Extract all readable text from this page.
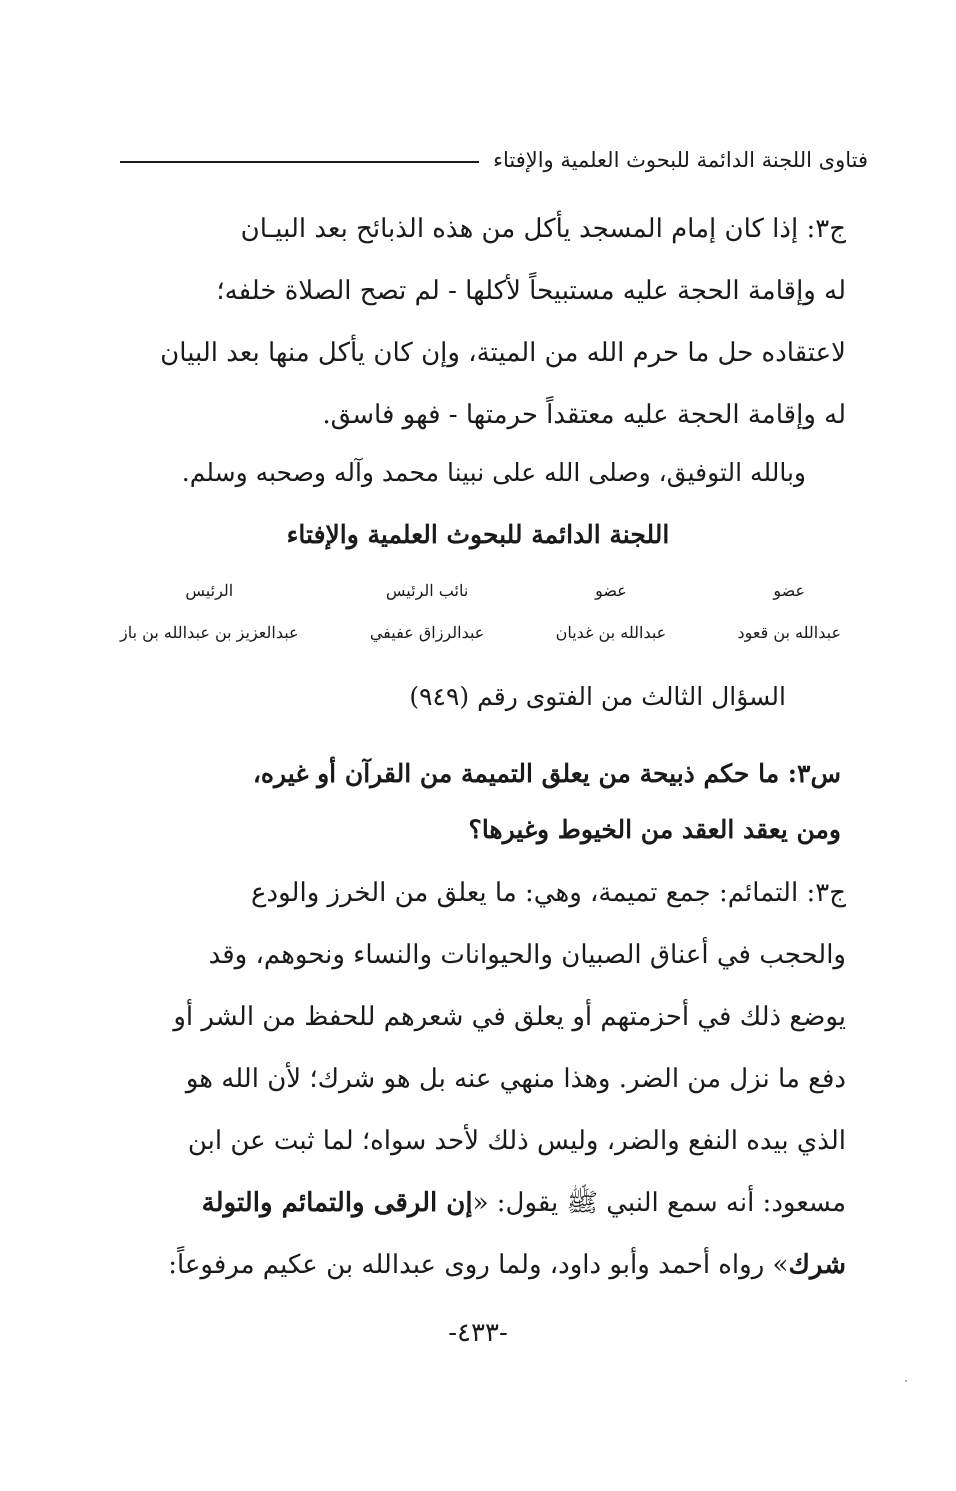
فتاوى اللجنة الدائمة للبحوث العلمية والإفتاء

ج٣: إذا كان إمام المسجد يأكل من هذه الذبائح بعد البيـان

له وإقامة الحجة عليه مستبيحاً لأكلها - لم تصح الصلاة خلفه؛

لاعتقاده حل ما حرم الله من الميتة، وإن كان يأكل منها بعد البيان

له وإقامة الحجة عليه معتقداً حرمتها - فهو فاسق.

وبالله التوفيق، وصلى الله على نبينا محمد وآله وصحبه وسلم.
اللجنة الدائمة للبحوث العلمية والإفتاء
عضو
عبدالله بن قعود
عضو
عبدالله بن غديان
نائب الرئيس
عبدالرزاق عفيفي
الرئيس
عبدالعزيز بن عبدالله بن باز
السؤال الثالث من الفتوى رقم (٩٤٩)

س٣: ما حكم ذبيحة من يعلق التميمة من القرآن أو غيره،

ومن يعقد العقد من الخيوط وغيرها؟

ج٣: التمائم: جمع تميمة، وهي: ما يعلق من الخرز والودع

والحجب في أعناق الصبيان والحيوانات والنساء ونحوهم، وقد

يوضع ذلك في أحزمتهم أو يعلق في شعرهم للحفظ من الشر أو

دفع ما نزل من الضر. وهذا منهي عنه بل هو شرك؛ لأن الله هو

الذي بيده النفع والضر، وليس ذلك لأحد سواه؛ لما ثبت عن ابن

مسعود: أنه سمع النبي ﷺ يقول: «إن الرقى والتمائم والتولة

شرك» رواه أحمد وأبو داود، ولما روى عبدالله بن عكيم مرفوعاً:

-٤٣٣-
